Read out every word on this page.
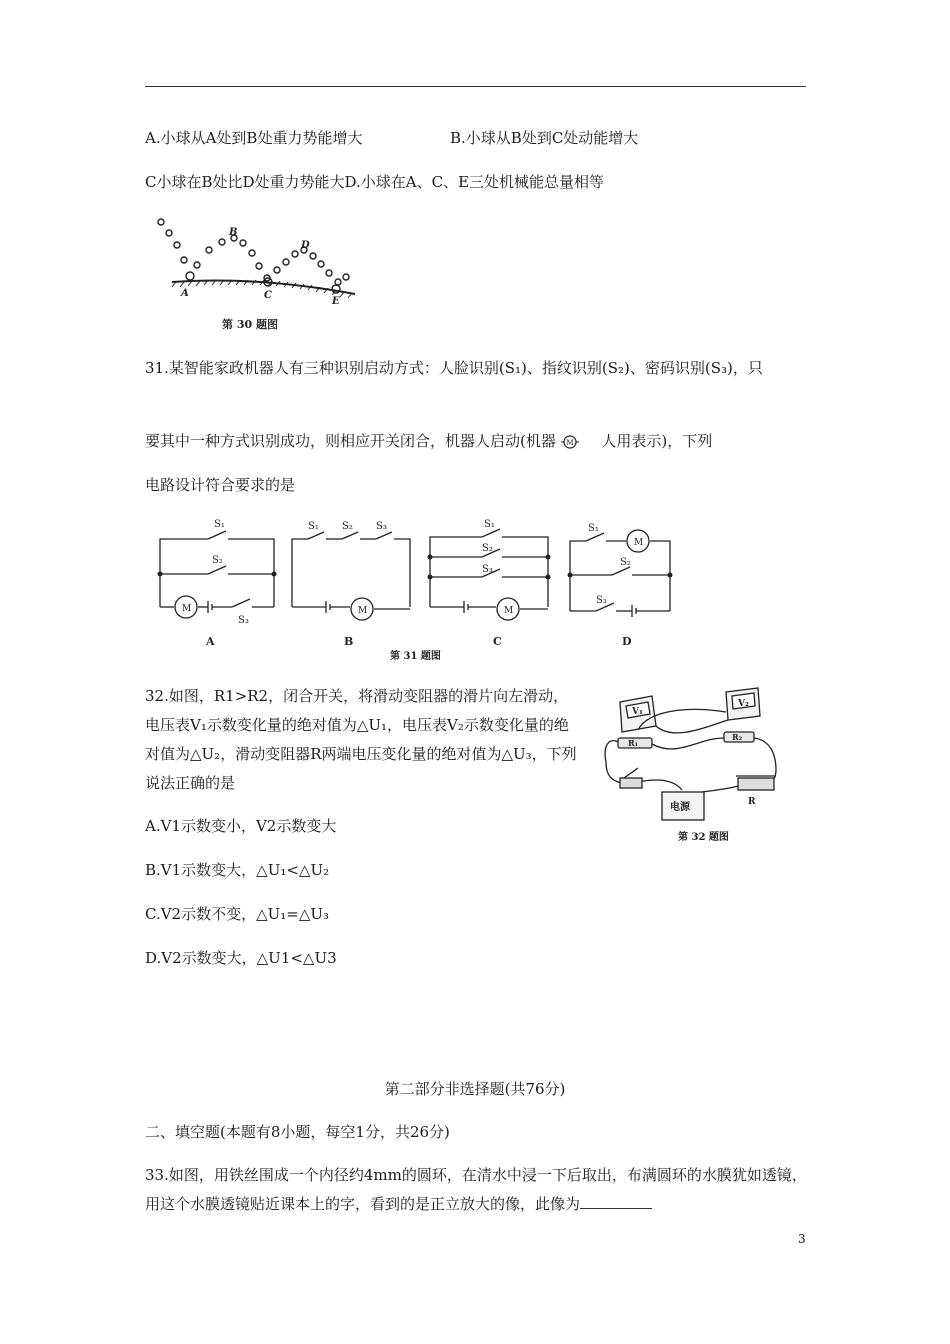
A.小球从A处到B处重力势能增大	B.小球从B处到C处动能增大
C小球在B处比D处重力势能大D.小球在A、C、E三处机械能总量相等
A
B
C
D
E
第 30 题图
31.某智能家政机器人有三种识别启动方式：人脸识别(S₁)、指纹识别(S₂)、密码识别(S₃)，只
要其中一种方式识别成功，则相应开关闭合，机器人启动(机器 M 人用表示)，下列
电路设计符合要求的是
S₁
S₂
S₃
M
S₁ S₂ S₃
M
S₁
S₂
S₃
M
S₁
S₂
S₃
M
A	B	C	D
第 31 题图
32.如图，R1>R2，闭合开关，将滑动变阻器的滑片向左滑动，电压表V₁示数变化量的绝对值为△U₁，电压表V₂示数变化量的绝对值为△U₂，滑动变阻器R两端电压变化量的绝对值为△U₃，下列说法正确的是
A.V1示数变小，V2示数变大
B.V1示数变大，△U₁<△U₂
C.V2示数不变，△U₁=△U₃
D.V2示数变大，△U1<△U3
V₁
V₂
R₁
R₂
R
电源
第 32 题图
第二部分非选择题(共76分)
二、填空题(本题有8小题，每空1分，共26分)
33.如图，用铁丝围成一个内径约4mm的圆环，在清水中浸一下后取出，布满圆环的水膜犹如透镜，用这个水膜透镜贴近课本上的字，看到的是正立放大的像，此像为
3
